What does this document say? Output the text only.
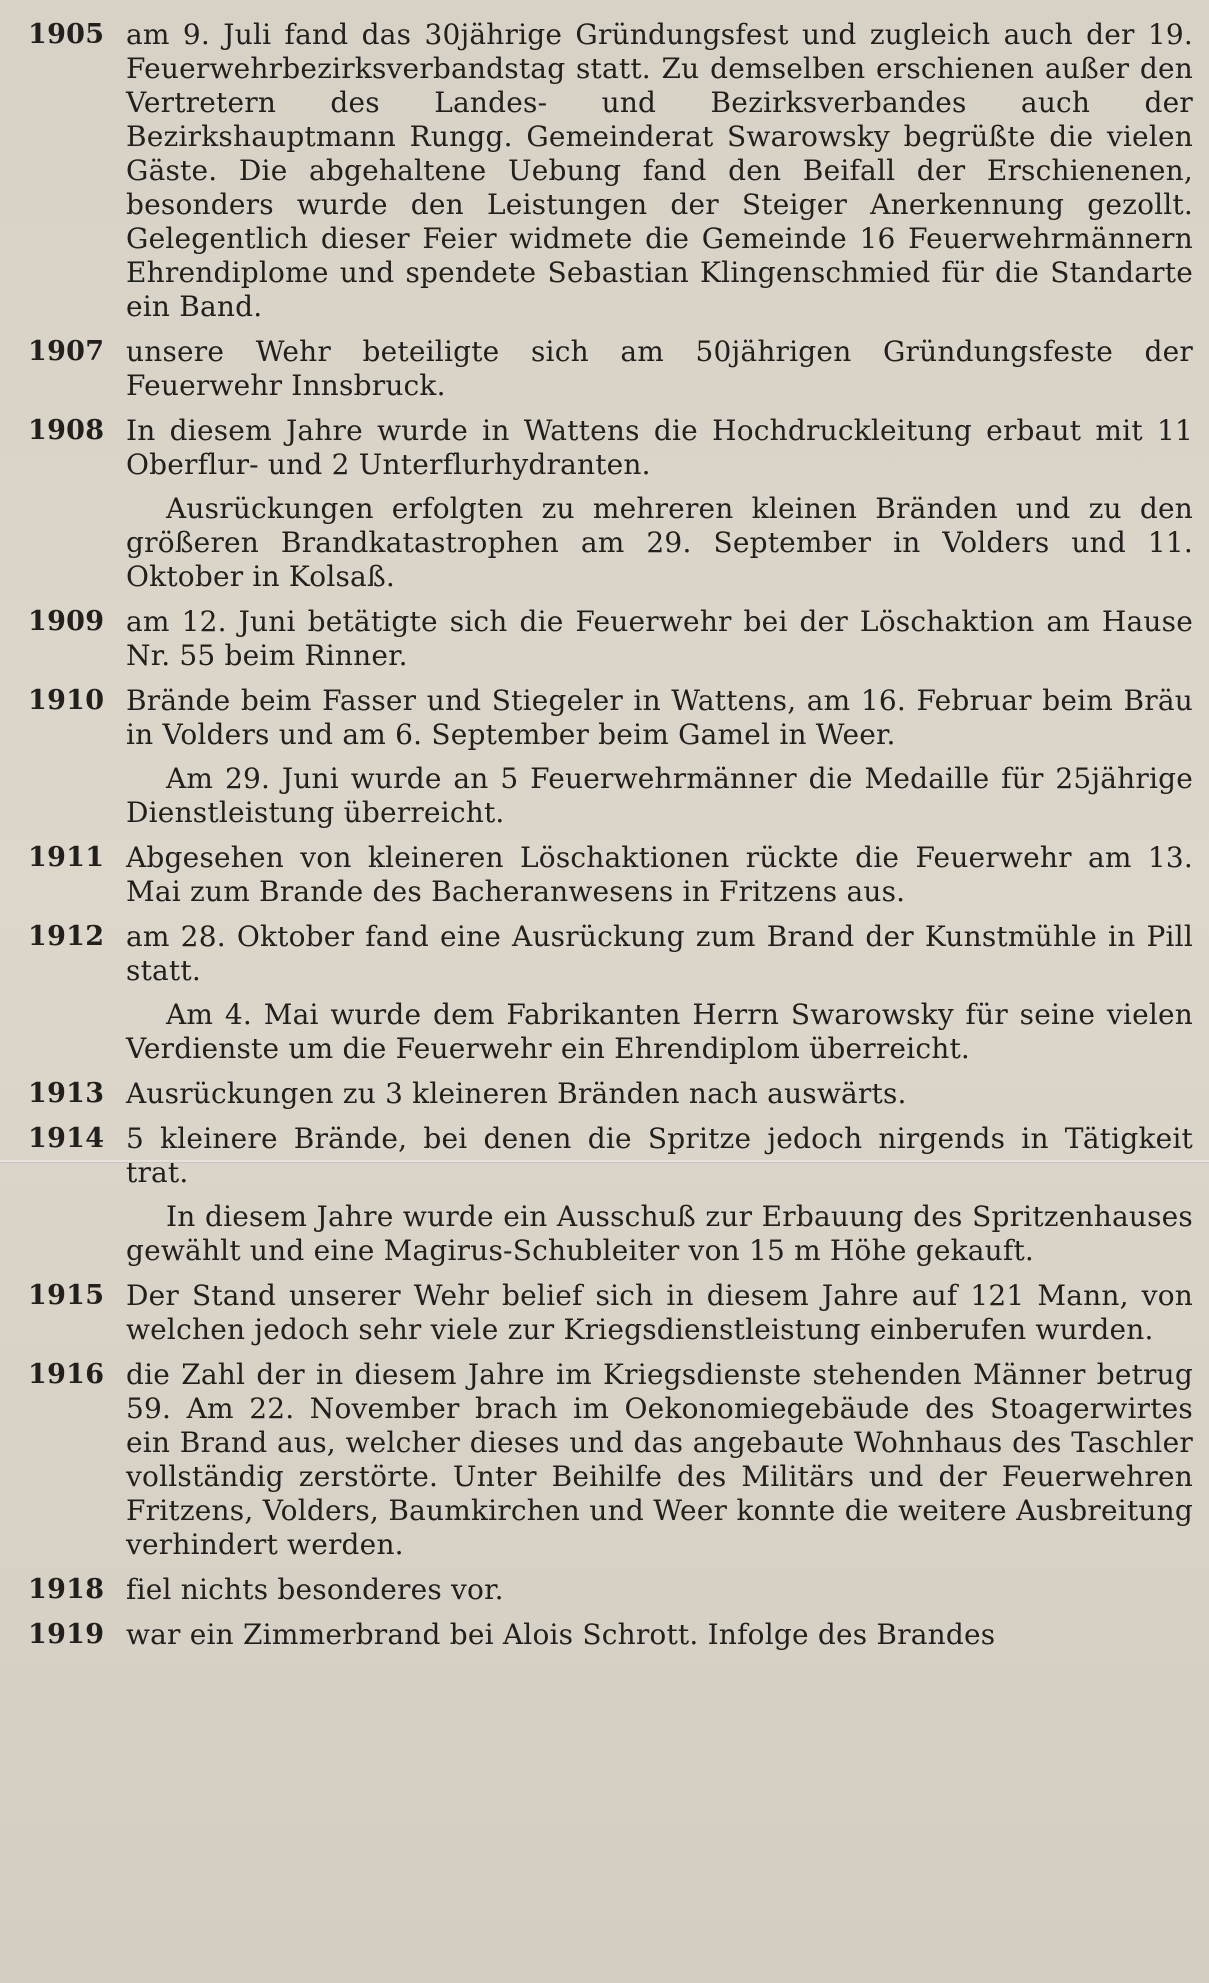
1905 am 9. Juli fand das 30jährige Gründungsfest und zugleich auch der 19. Feuerwehrbezirksverbandstag statt. Zu demselben erschienen außer den Vertretern des Landes- und Bezirksverbandes auch der Bezirkshauptmann Rungg. Gemeinderat Swarowsky begrüßte die vielen Gäste. Die abgehaltene Uebung fand den Beifall der Erschienenen, besonders wurde den Leistungen der Steiger Anerkennung gezollt. Gelegentlich dieser Feier widmete die Gemeinde 16 Feuerwehrmännern Ehrendiplome und spendete Sebastian Klingenschmied für die Standarte ein Band.

1907 unsere Wehr beteiligte sich am 50jährigen Gründungsfeste der Feuerwehr Innsbruck.

1908 In diesem Jahre wurde in Wattens die Hochdruckleitung erbaut mit 11 Oberflur- und 2 Unterflurhydranten.

Ausrückungen erfolgten zu mehreren kleinen Bränden und zu den größeren Brandkatastrophen am 29. September in Volders und 11. Oktober in Kolsaß.

1909 am 12. Juni betätigte sich die Feuerwehr bei der Löschaktion am Hause Nr. 55 beim Rinner.

1910 Brände beim Fasser und Stiegeler in Wattens, am 16. Februar beim Bräu in Volders und am 6. September beim Gamel in Weer.

Am 29. Juni wurde an 5 Feuerwehrmänner die Medaille für 25jährige Dienstleistung überreicht.

1911 Abgesehen von kleineren Löschaktionen rückte die Feuerwehr am 13. Mai zum Brande des Bacheranwesens in Fritzens aus.

1912 am 28. Oktober fand eine Ausrückung zum Brand der Kunstmühle in Pill statt.

Am 4. Mai wurde dem Fabrikanten Herrn Swarowsky für seine vielen Verdienste um die Feuerwehr ein Ehrendiplom überreicht.

1913 Ausrückungen zu 3 kleineren Bränden nach auswärts.

1914 5 kleinere Brände, bei denen die Spritze jedoch nirgends in Tätigkeit trat.

In diesem Jahre wurde ein Ausschuß zur Erbauung des Spritzenhauses gewählt und eine Magirus-Schubleiter von 15 m Höhe gekauft.

1915 Der Stand unserer Wehr belief sich in diesem Jahre auf 121 Mann, von welchen jedoch sehr viele zur Kriegsdienstleistung einberufen wurden.

1916 die Zahl der in diesem Jahre im Kriegsdienste stehenden Männer betrug 59. Am 22. November brach im Oekonomiegebäude des Stoagerwirtes ein Brand aus, welcher dieses und das angebaute Wohnhaus des Taschler vollständig zerstörte. Unter Beihilfe des Militärs und der Feuerwehren Fritzens, Volders, Baumkirchen und Weer konnte die weitere Ausbreitung verhindert werden.

1918 fiel nichts besonderes vor.

1919 war ein Zimmerbrand bei Alois Schrott. Infolge des Brandes
